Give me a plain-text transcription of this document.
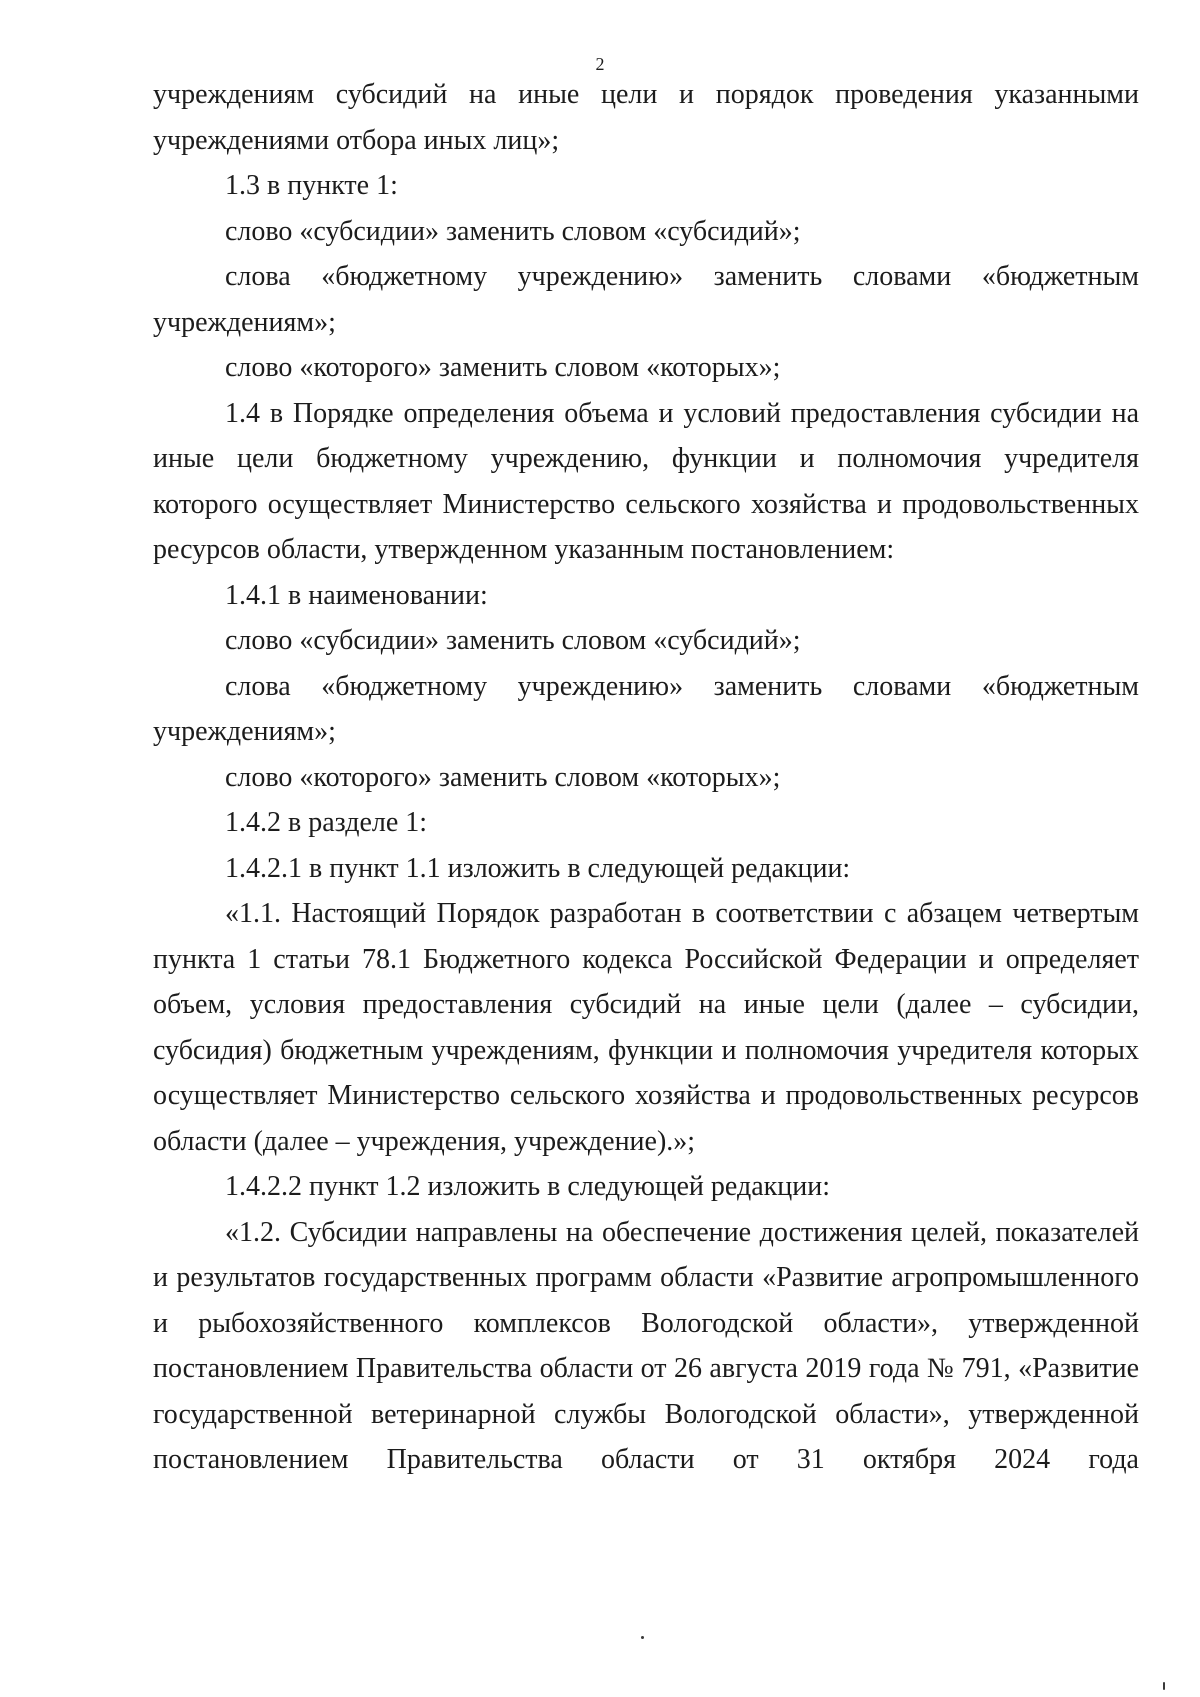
2

учреждениям субсидий на иные цели и порядок проведения указанными учреждениями отбора иных лиц»;

1.3 в пункте 1:

слово «субсидии» заменить словом «субсидий»;

слова «бюджетному учреждению» заменить словами «бюджетным учреждениям»;

слово «которого» заменить словом «которых»;

1.4 в Порядке определения объема и условий предоставления субсидии на иные цели бюджетному учреждению, функции и полномочия учредителя которого осуществляет Министерство сельского хозяйства и продовольственных ресурсов области, утвержденном указанным постановлением:

1.4.1 в наименовании:

слово «субсидии» заменить словом «субсидий»;

слова «бюджетному учреждению» заменить словами «бюджетным учреждениям»;

слово «которого» заменить словом «которых»;

1.4.2 в разделе 1:

1.4.2.1 в пункт 1.1 изложить в следующей редакции:

«1.1. Настоящий Порядок разработан в соответствии с абзацем четвертым пункта 1 статьи 78.1 Бюджетного кодекса Российской Федерации и определяет объем, условия предоставления субсидий на иные цели (далее – субсидии, субсидия) бюджетным учреждениям, функции и полномочия учредителя которых осуществляет Министерство сельского хозяйства и продовольственных ресурсов области (далее – учреждения, учреждение).»;

1.4.2.2 пункт 1.2 изложить в следующей редакции:

«1.2. Субсидии направлены на обеспечение достижения целей, показателей и результатов государственных программ области «Развитие агропромышленного и рыбохозяйственного комплексов Вологодской области», утвержденной постановлением Правительства области от 26 августа 2019 года № 791, «Развитие государственной ветеринарной службы Вологодской области», утвержденной постановлением Правительства области от 31 октября 2024 года
